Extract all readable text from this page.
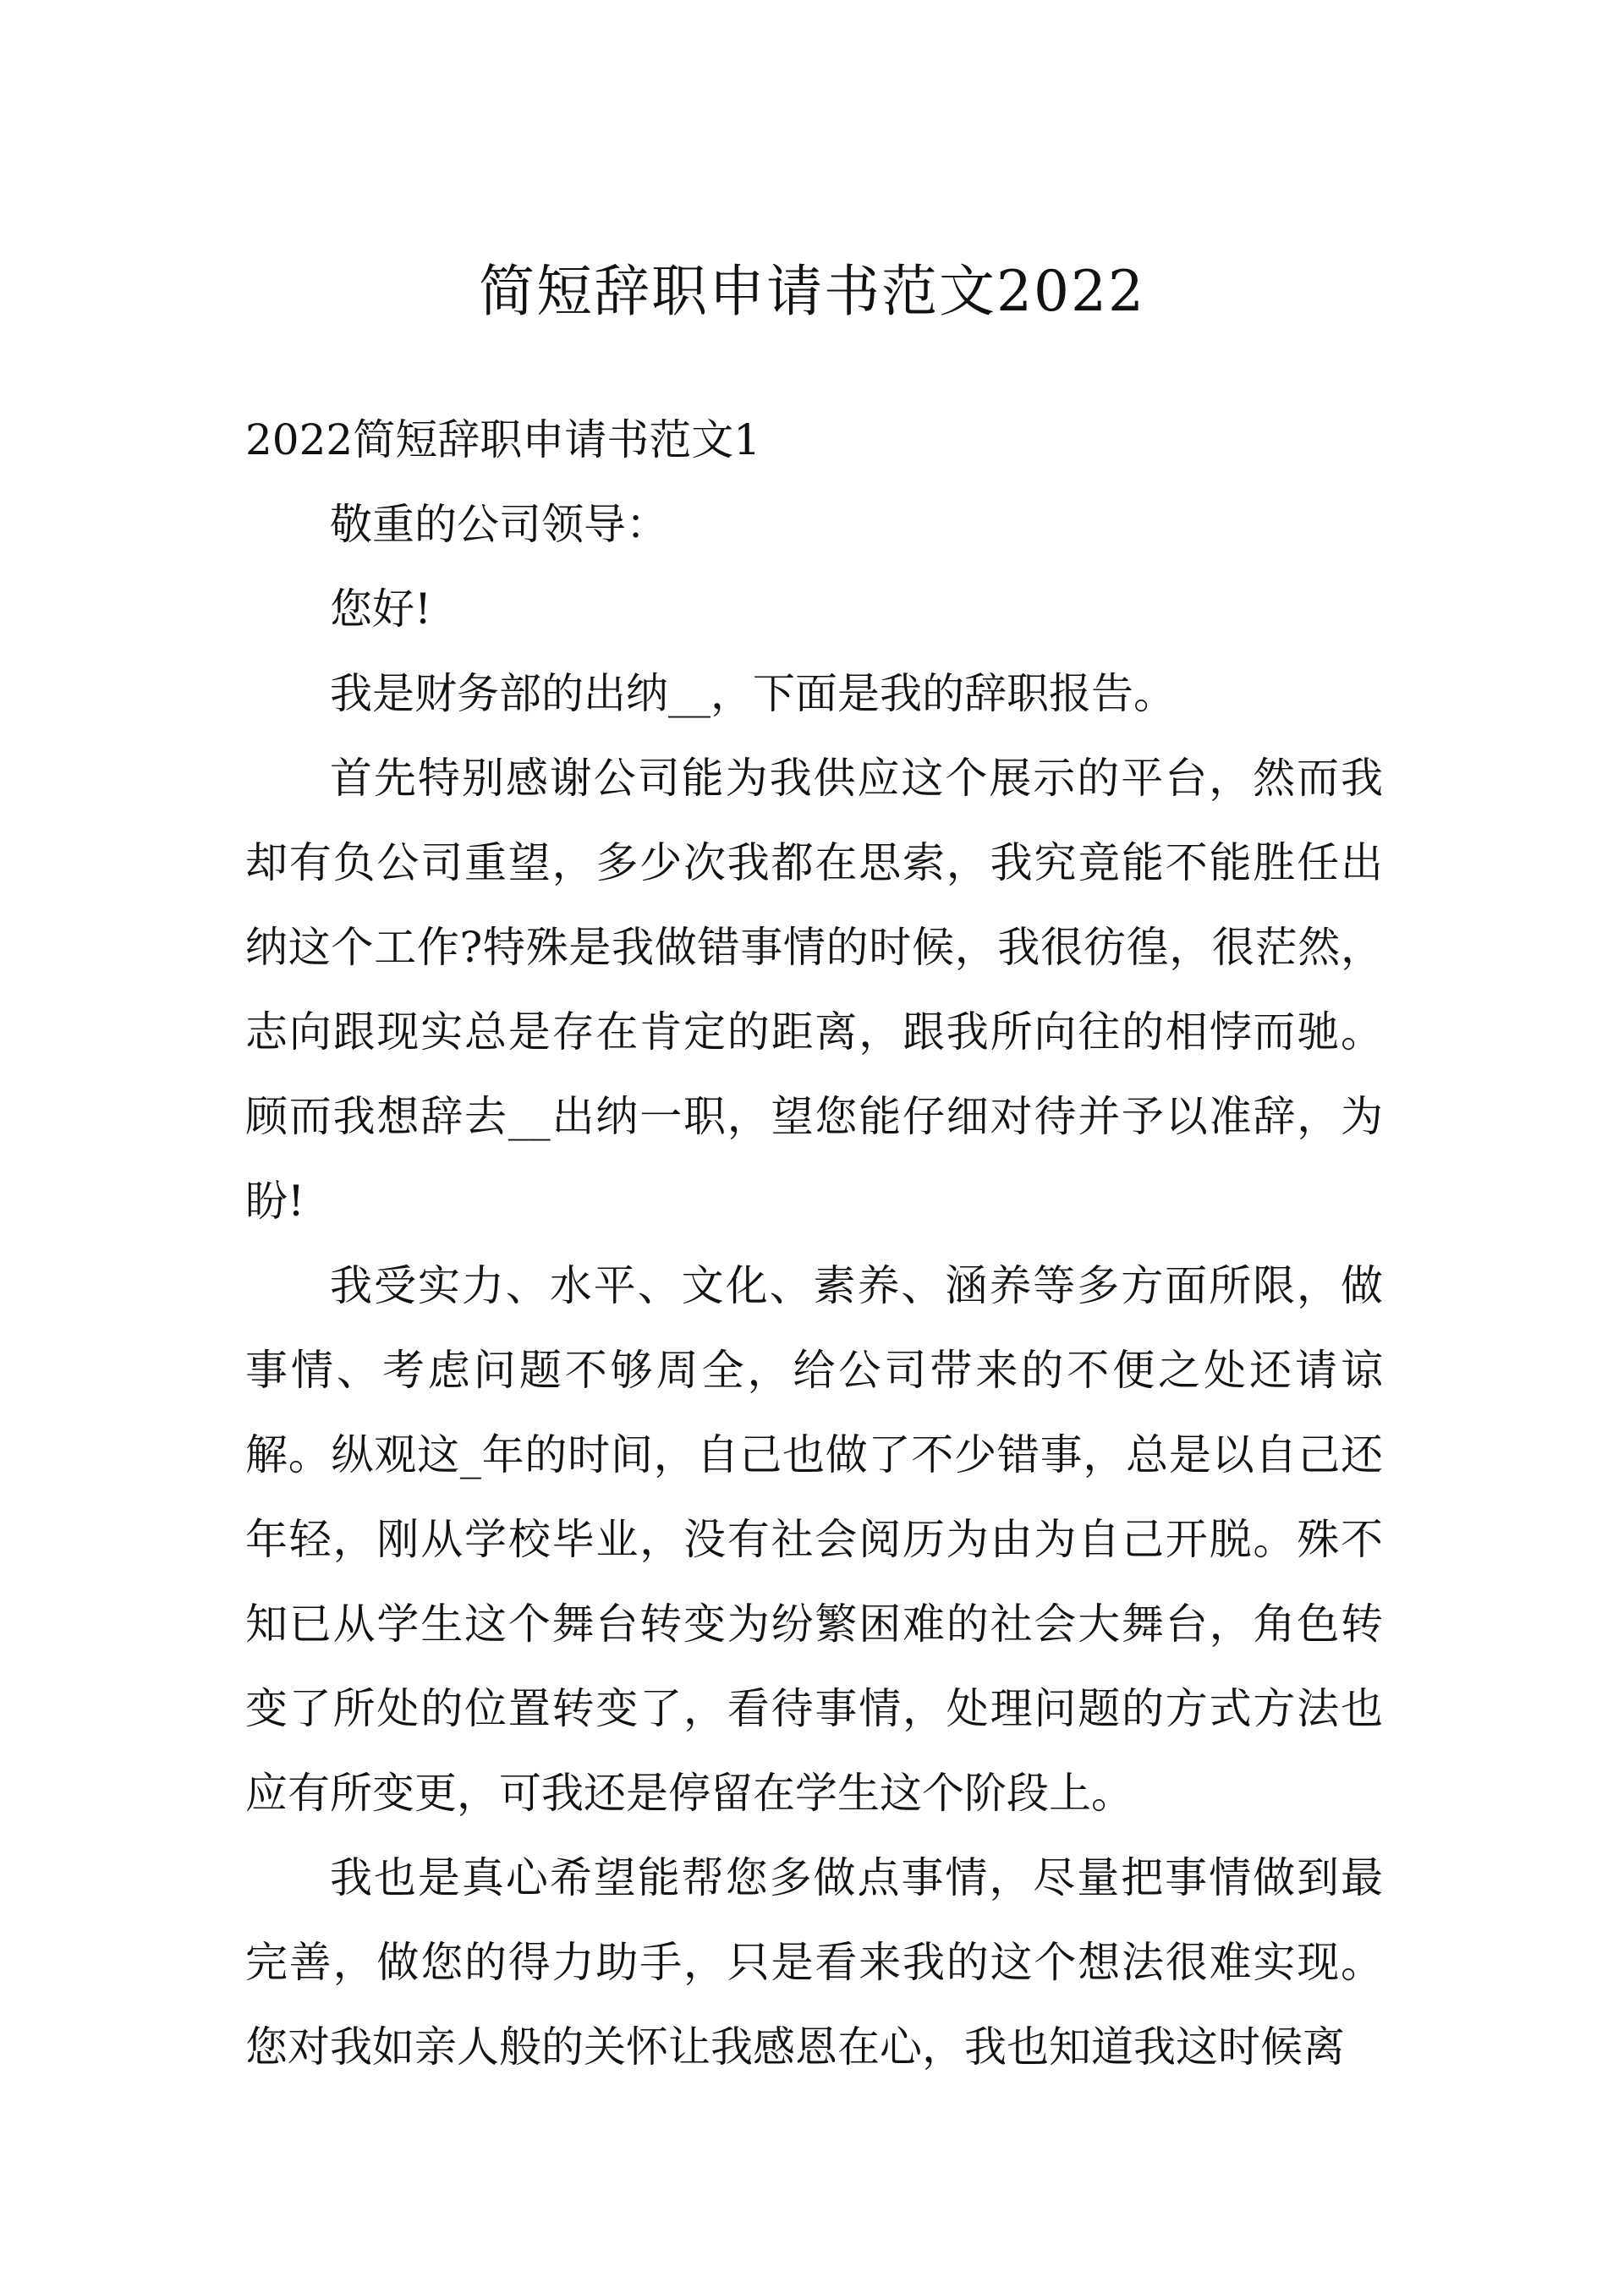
简短辞职申请书范文2022

2022简短辞职申请书范文1

敬重的公司领导：

您好!

我是财务部的出纳__，下面是我的辞职报告。

首先特别感谢公司能为我供应这个展示的平台，然而我却有负公司重望，多少次我都在思索，我究竟能不能胜任出纳这个工作?特殊是我做错事情的时候，我很彷徨，很茫然，志向跟现实总是存在肯定的距离，跟我所向往的相悖而驰。顾而我想辞去__出纳一职，望您能仔细对待并予以准辞，为盼!

我受实力、水平、文化、素养、涵养等多方面所限，做事情、考虑问题不够周全，给公司带来的不便之处还请谅解。纵观这_年的时间，自己也做了不少错事，总是以自己还年轻，刚从学校毕业，没有社会阅历为由为自己开脱。殊不知已从学生这个舞台转变为纷繁困难的社会大舞台，角色转变了所处的位置转变了，看待事情，处理问题的方式方法也应有所变更，可我还是停留在学生这个阶段上。

我也是真心希望能帮您多做点事情，尽量把事情做到最完善，做您的得力助手，只是看来我的这个想法很难实现。您对我如亲人般的关怀让我感恩在心，我也知道我这时候离
